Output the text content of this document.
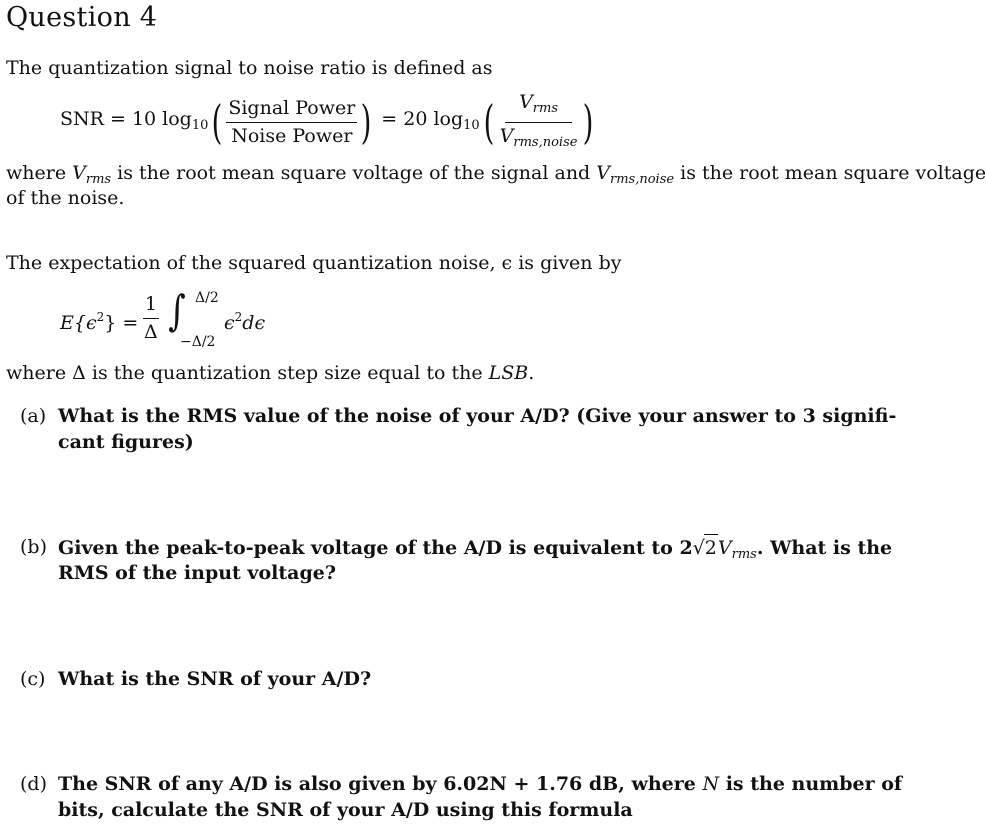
Question 4
The quantization signal to noise ratio is defined as
SNR = 10 $\log_{10}$ ( $\frac{\text{Signal Power}}{\text{Noise Power}}$ ) = 20 $\log_{10}$ ( $\frac{V_{rms}}{V_{rms,noise}}$ )
where $V_{rms}$ is the root mean square voltage of the signal and $V_{rms,noise}$ is the root mean square voltage
of the noise.
The expectation of the squared quantization noise, ϵ is given by
$E\{\epsilon^2\} = \frac{1}{\Delta}$ ∫ Δ/2
−Δ/2
$\epsilon^2d\epsilon$
where Δ is the quantization step size equal to the LSB.
(a) What is the RMS value of the noise of your A/D? (Give your answer to 3 signifi-
cant figures)
(b) Given the peak-to-peak voltage of the A/D is equivalent to $2√2V_{rms}$. What is the
RMS of the input voltage?
(c) What is the SNR of your A/D?
(d) The SNR of any A/D is also given by 6.02N + 1.76 dB, where N is the number of
bits, calculate the SNR of your A/D using this formula
